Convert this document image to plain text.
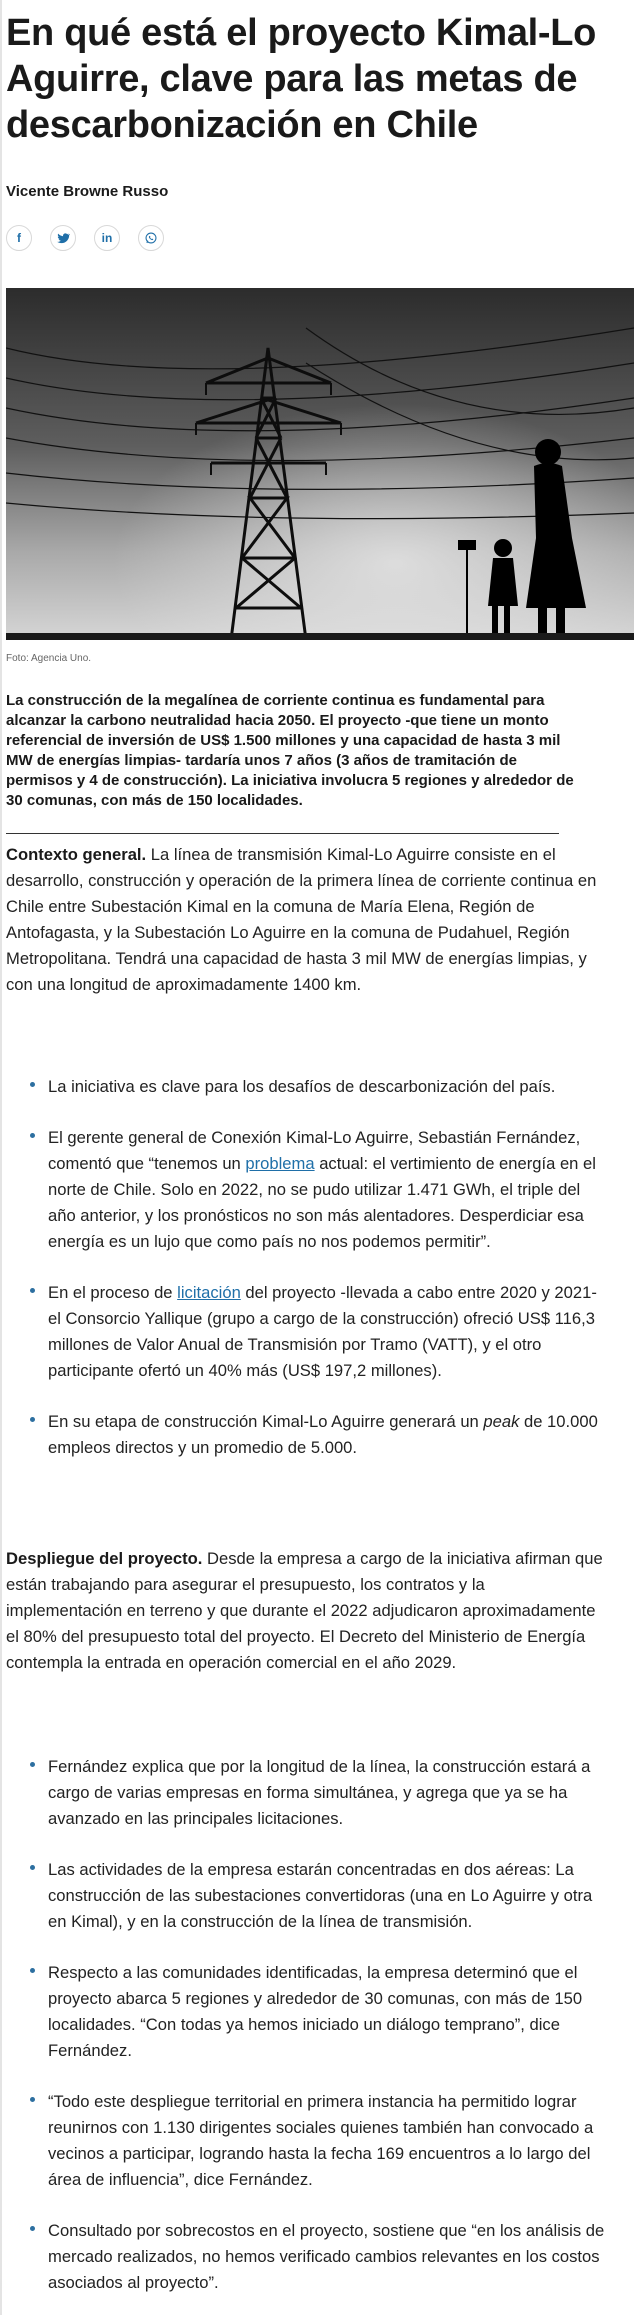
En qué está el proyecto Kimal-Lo Aguirre, clave para las metas de descarbonización en Chile
Vicente Browne Russo
f	in
Foto: Agencia Uno.

La construcción de la megalínea de corriente continua es fundamental para alcanzar la carbono neutralidad hacia 2050. El proyecto -que tiene un monto referencial de inversión de US$ 1.500 millones y una capacidad de hasta 3 mil MW de energías limpias- tardaría unos 7 años (3 años de tramitación de permisos y 4 de construcción). La iniciativa involucra 5 regiones y alrededor de 30 comunas, con más de 150 localidades.

Contexto general. La línea de transmisión Kimal-Lo Aguirre consiste en el desarrollo, construcción y operación de la primera línea de corriente continua en Chile entre Subestación Kimal en la comuna de María Elena, Región de Antofagasta, y la Subestación Lo Aguirre en la comuna de Pudahuel, Región Metropolitana. Tendrá una capacidad de hasta 3 mil MW de energías limpias, y con una longitud de aproximadamente 1400 km.

La iniciativa es clave para los desafíos de descarbonización del país.
El gerente general de Conexión Kimal-Lo Aguirre, Sebastián Fernández, comentó que “tenemos un problema actual: el vertimiento de energía en el norte de Chile. Solo en 2022, no se pudo utilizar 1.471 GWh, el triple del año anterior, y los pronósticos no son más alentadores. Desperdiciar esa energía es un lujo que como país no nos podemos permitir”.
En el proceso de licitación del proyecto -llevada a cabo entre 2020 y 2021- el Consorcio Yallique (grupo a cargo de la construcción) ofreció US$ 116,3 millones de Valor Anual de Transmisión por Tramo (VATT), y el otro participante ofertó un 40% más (US$ 197,2 millones).
En su etapa de construcción Kimal-Lo Aguirre generará un peak de 10.000 empleos directos y un promedio de 5.000.

Despliegue del proyecto. Desde la empresa a cargo de la iniciativa afirman que están trabajando para asegurar el presupuesto, los contratos y la implementación en terreno y que durante el 2022 adjudicaron aproximadamente el 80% del presupuesto total del proyecto. El Decreto del Ministerio de Energía contempla la entrada en operación comercial en el año 2029.

Fernández explica que por la longitud de la línea, la construcción estará a cargo de varias empresas en forma simultánea, y agrega que ya se ha avanzado en las principales licitaciones.
Las actividades de la empresa estarán concentradas en dos aéreas: La construcción de las subestaciones convertidoras (una en Lo Aguirre y otra en Kimal), y en la construcción de la línea de transmisión.
Respecto a las comunidades identificadas, la empresa determinó que el proyecto abarca 5 regiones y alrededor de 30 comunas, con más de 150 localidades. “Con todas ya hemos iniciado un diálogo temprano”, dice Fernández.
“Todo este despliegue territorial en primera instancia ha permitido lograr reunirnos con 1.130 dirigentes sociales quienes también han convocado a vecinos a participar, logrando hasta la fecha 169 encuentros a lo largo del área de influencia”, dice Fernández.
Consultado por sobrecostos en el proyecto, sostiene que “en los análisis de mercado realizados, no hemos verificado cambios relevantes en los costos asociados al proyecto”.
